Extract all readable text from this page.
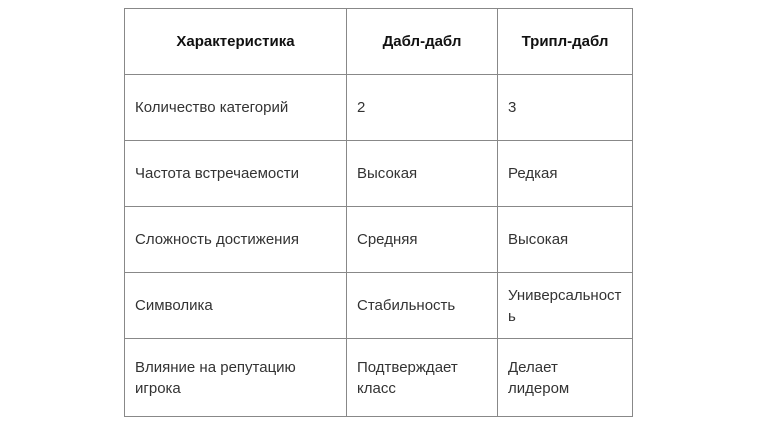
Характеристика	Дабл-дабл	Трипл-дабл
Количество категорий	2	3
Частота встречаемости	Высокая	Редкая
Сложность достижения	Средняя	Высокая
Символика	Стабильность	Универсальность
Влияние на репутацию игрока	Подтверждает класс	Делает лидером
